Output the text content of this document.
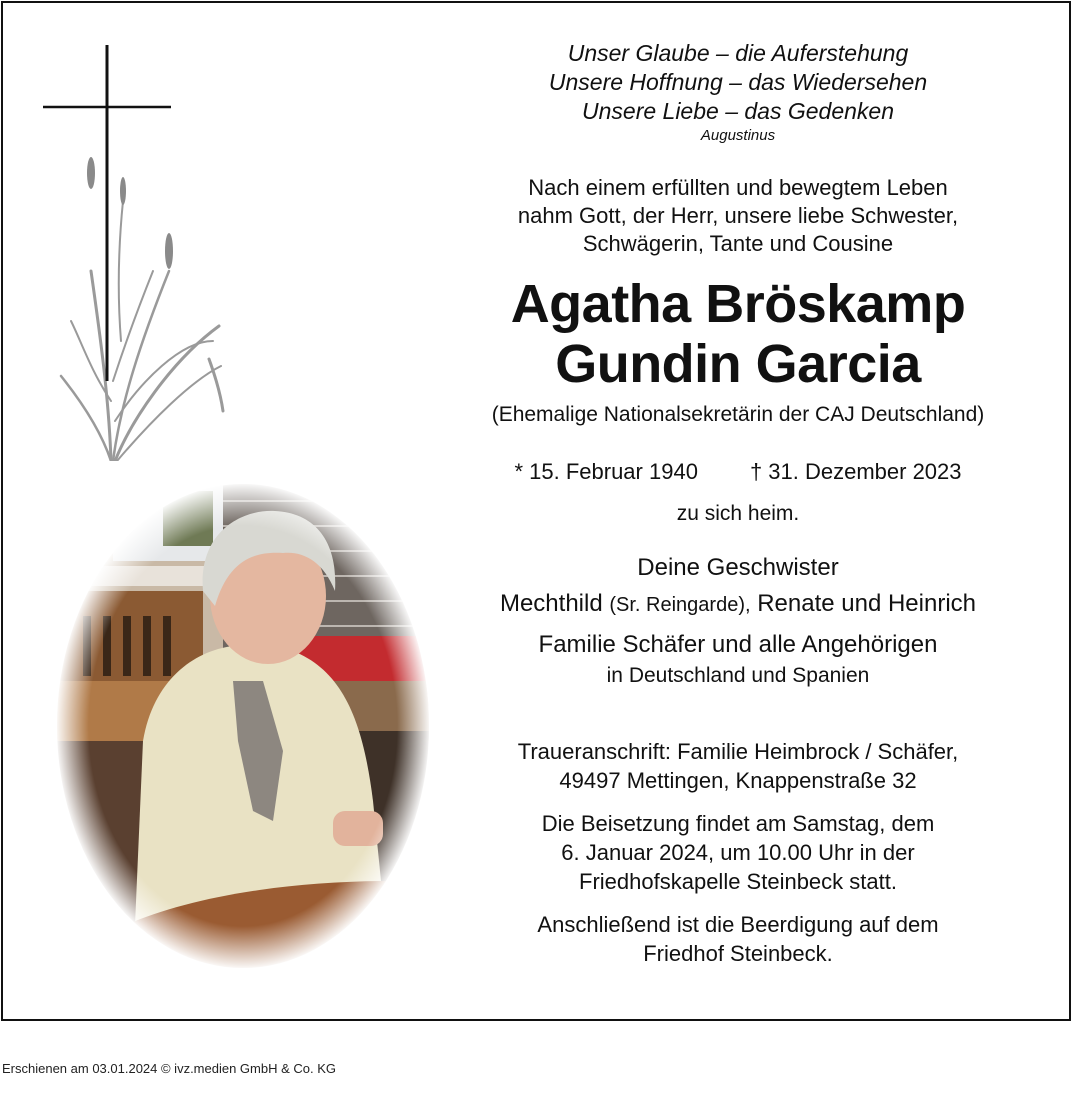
Unser Glaube – die Auferstehung
Unsere Hoffnung – das Wiedersehen
Unsere Liebe – das Gedenken
Augustinus
Nach einem erfüllten und bewegtem Leben
nahm Gott, der Herr, unsere liebe Schwester,
Schwägerin, Tante und Cousine
Agatha Bröskamp
Gundin Garcia
(Ehemalige Nationalsekretärin der CAJ Deutschland)
* 15. Februar 1940 † 31. Dezember 2023
zu sich heim.
Deine Geschwister
Mechthild (Sr. Reingarde), Renate und Heinrich
Familie Schäfer und alle Angehörigen
in Deutschland und Spanien
Traueranschrift: Familie Heimbrock / Schäfer,
49497 Mettingen, Knappenstraße 32
Die Beisetzung findet am Samstag, dem
6. Januar 2024, um 10.00 Uhr in der
Friedhofskapelle Steinbeck statt.
Anschließend ist die Beerdigung auf dem
Friedhof Steinbeck.
Erschienen am 03.01.2024 © ivz.medien GmbH & Co. KG
